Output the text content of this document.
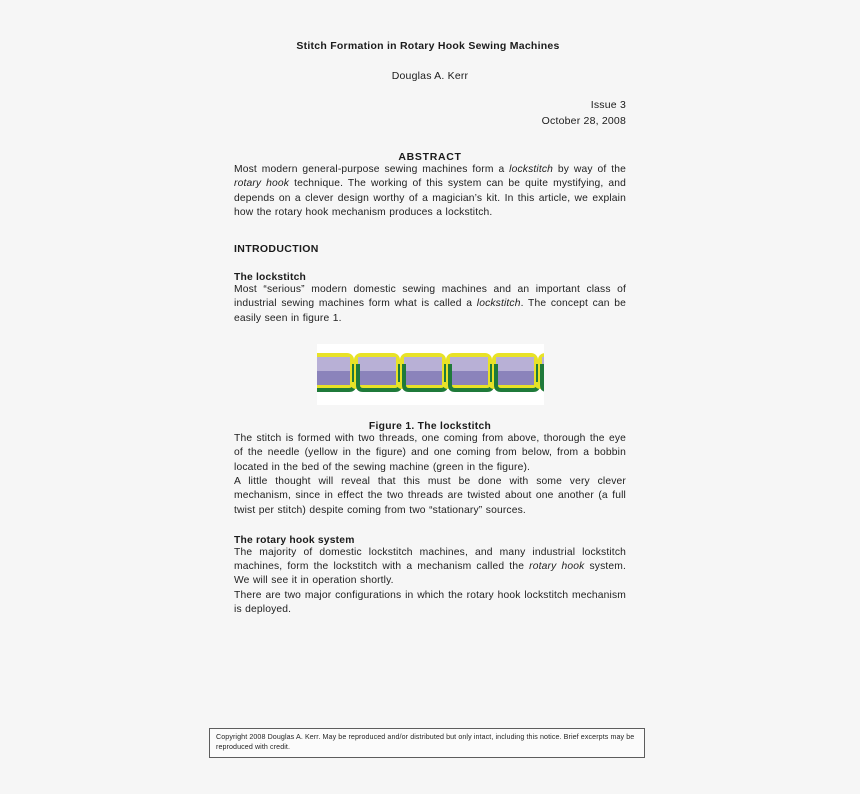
Stitch Formation in Rotary Hook Sewing Machines
Douglas A. Kerr
Issue 3
October 28, 2008
ABSTRACT

Most modern general-purpose sewing machines form a lockstitch by way of the rotary hook technique. The working of this system can be quite mystifying, and depends on a clever design worthy of a magician’s kit. In this article, we explain how the rotary hook mechanism produces a lockstitch.

INTRODUCTION
The lockstitch

Most “serious” modern domestic sewing machines and an important class of industrial sewing machines form what is called a lockstitch. The concept can be easily seen in figure 1.

Figure 1. The lockstitch

The stitch is formed with two threads, one coming from above, thorough the eye of the needle (yellow in the figure) and one coming from below, from a bobbin located in the bed of the sewing machine (green in the figure).

A little thought will reveal that this must be done with some very clever mechanism, since in effect the two threads are twisted about one another (a full twist per stitch) despite coming from two “stationary” sources.

The rotary hook system

The majority of domestic lockstitch machines, and many industrial lockstitch machines, form the lockstitch with a mechanism called the rotary hook system. We will see it in operation shortly.

There are two major configurations in which the rotary hook lockstitch mechanism is deployed.

Copyright 2008 Douglas A. Kerr. May be reproduced and/or distributed but only intact, including this notice. Brief excerpts may be reproduced with credit.
